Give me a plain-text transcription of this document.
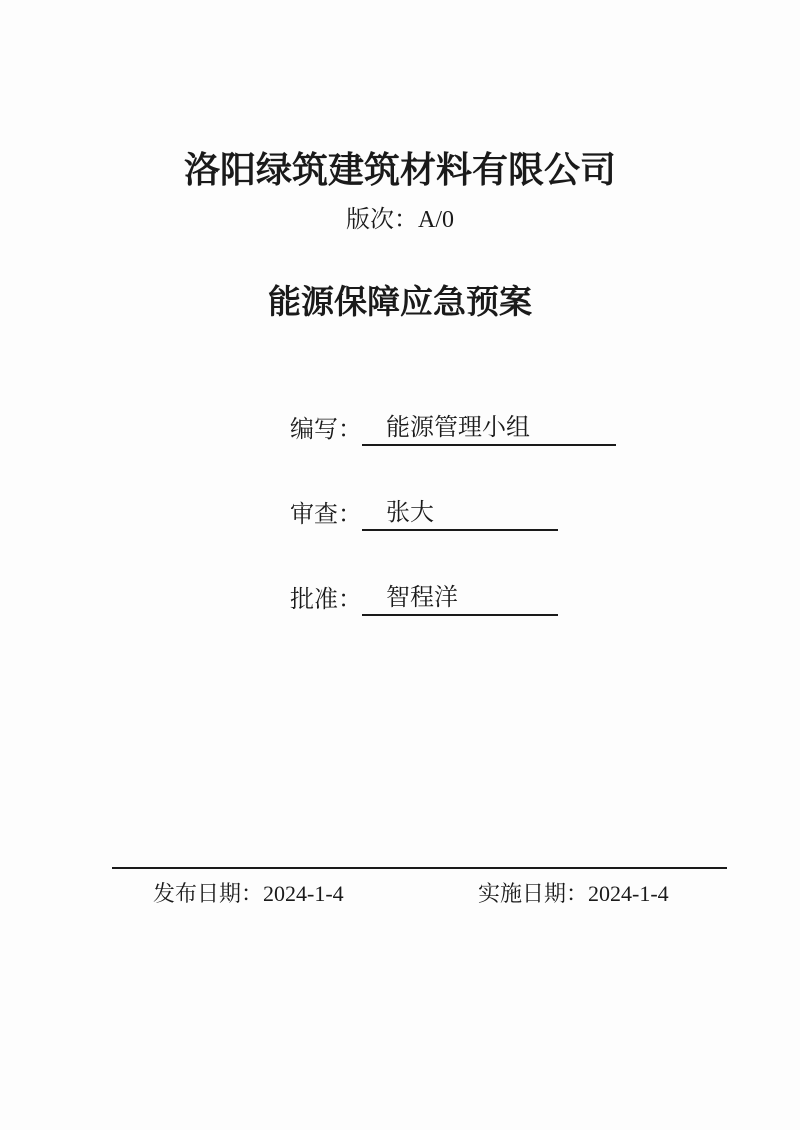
洛阳绿筑建筑材料有限公司
版次：A/0
能源保障应急预案
编写：	能源管理小组
审查：	张大
批准：	智程洋
发布日期：2024-1-4	实施日期：2024-1-4
